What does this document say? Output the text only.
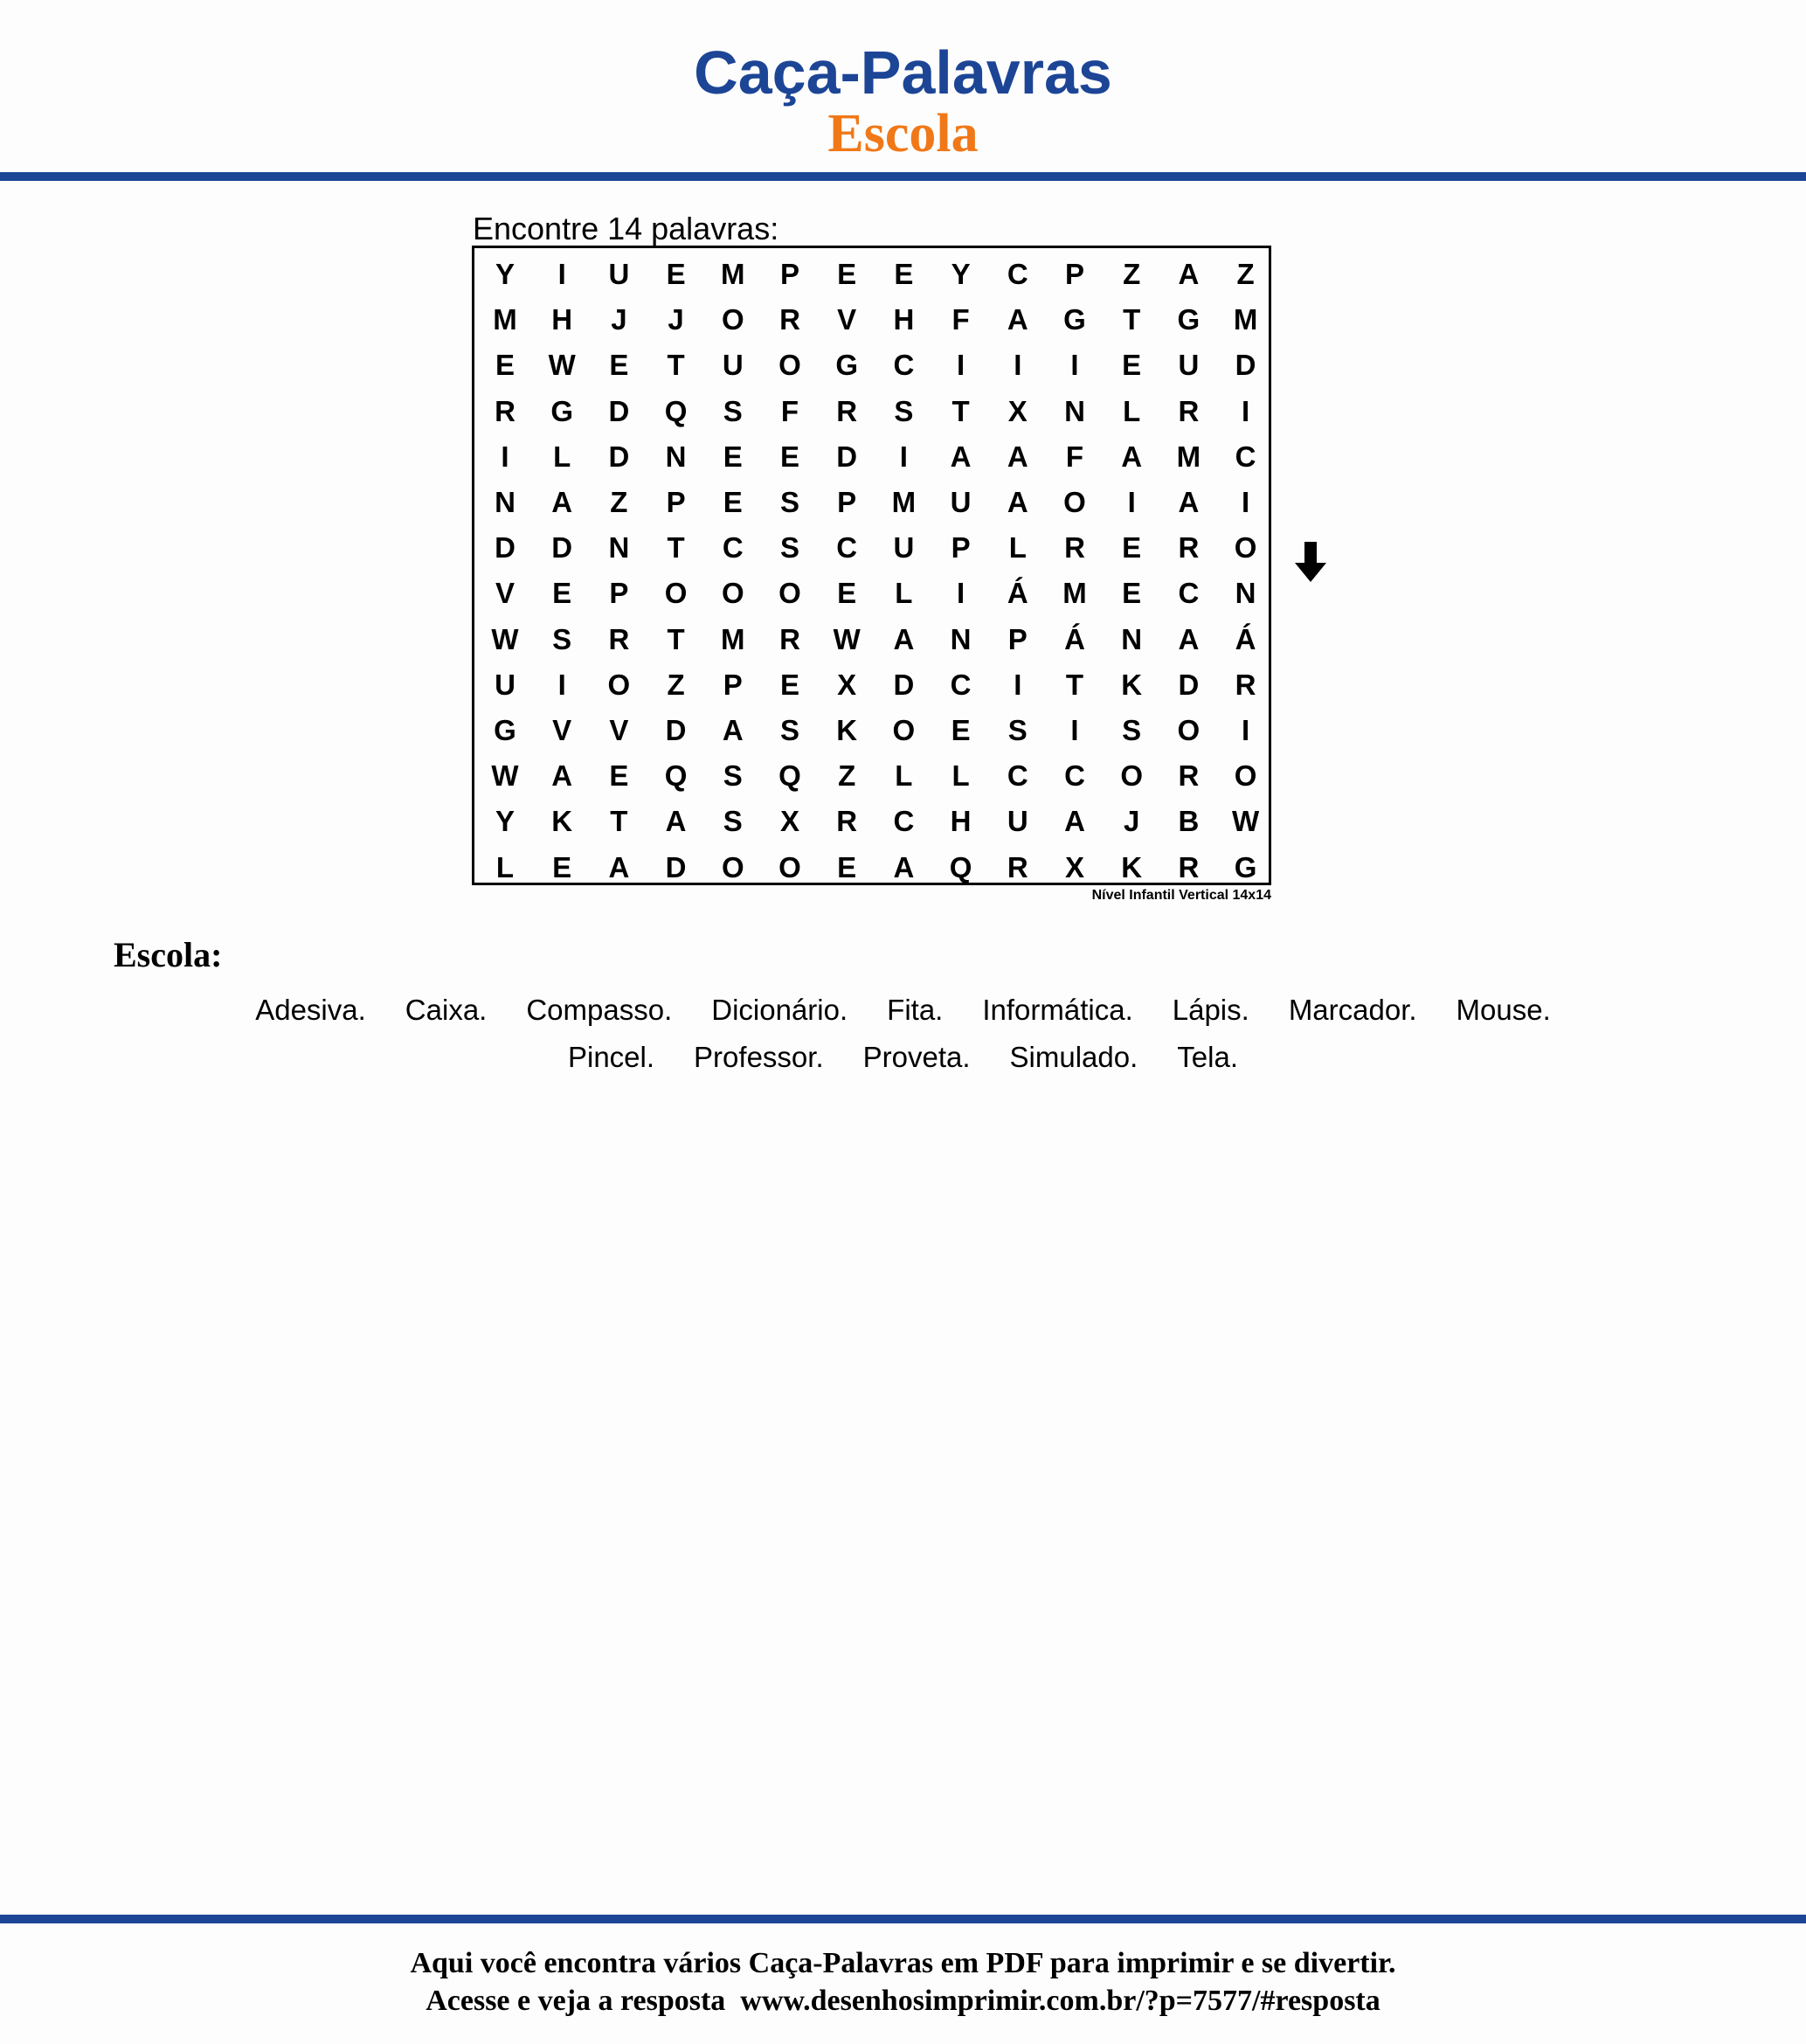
Caça-Palavras
Escola
Encontre 14 palavras:
Y	I	U	E	M	P	E	E	Y	C	P	Z	A	Z
M	H	J	J	O	R	V	H	F	A	G	T	G	M
E	W	E	T	U	O	G	C	I	I	I	E	U	D
R	G	D	Q	S	F	R	S	T	X	N	L	R	I
I	L	D	N	E	E	D	I	A	A	F	A	M	C
N	A	Z	P	E	S	P	M	U	A	O	I	A	I
D	D	N	T	C	S	C	U	P	L	R	E	R	O
V	E	P	O	O	O	E	L	I	Á	M	E	C	N
W	S	R	T	M	R	W	A	N	P	Á	N	A	Á
U	I	O	Z	P	E	X	D	C	I	T	K	D	R
G	V	V	D	A	S	K	O	E	S	I	S	O	I
W	A	E	Q	S	Q	Z	L	L	C	C	O	R	O
Y	K	T	A	S	X	R	C	H	U	A	J	B	W
L	E	A	D	O	O	E	A	Q	R	X	K	R	G
Nível Infantil Vertical 14x14
Escola:
Adesiva. Caixa. Compasso. Dicionário. Fita. Informática. Lápis. Marcador. Mouse.
Pincel. Professor. Proveta. Simulado. Tela.
Aqui você encontra vários Caça-Palavras em PDF para imprimir e se divertir.
Acesse e veja a resposta  www.desenhosimprimir.com.br/?p=7577/#resposta
